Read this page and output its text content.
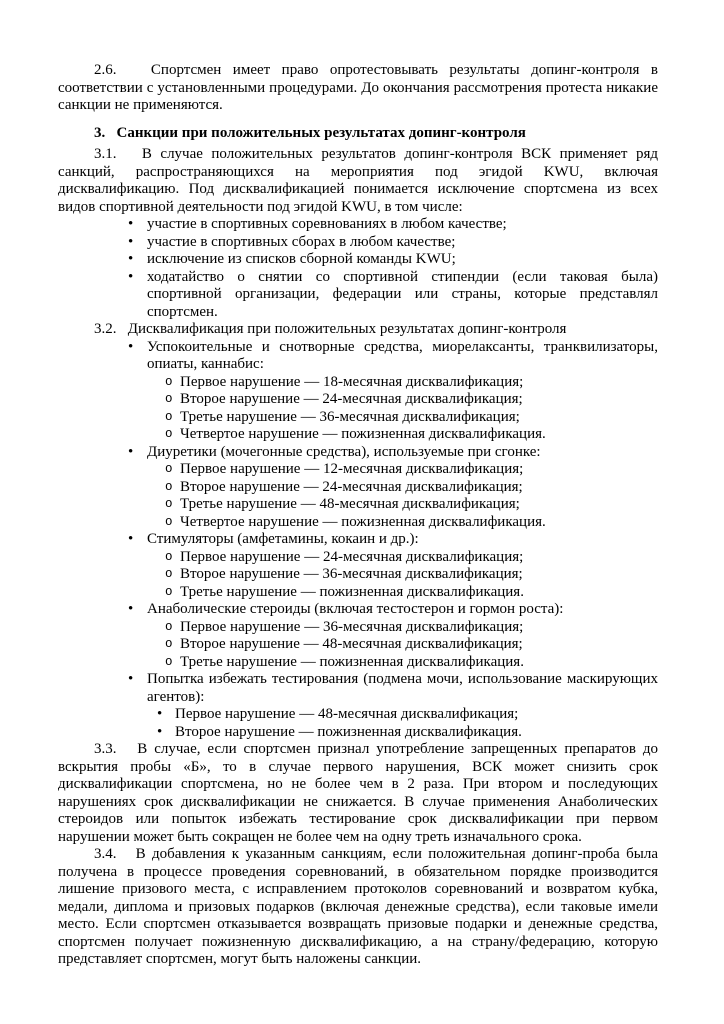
2.6.   Спортсмен имеет право опротестовывать результаты допинг-контроля в соответствии с установленными процедурами. До окончания рассмотрения протеста никакие санкции не применяются.

3.   Санкции при положительных результатах допинг-контроля

3.1.   В случае положительных результатов допинг-контроля ВСК применяет ряд санкций, распространяющихся на мероприятия под эгидой KWU, включая дисквалификацию. Под дисквалификацией понимается исключение спортсмена из всех видов спортивной деятельности под эгидой KWU, в том числе:

• участие в спортивных соревнованиях в любом качестве;
• участие в спортивных сборах в любом качестве;
• исключение из списков сборной команды KWU;
• ходатайство о снятии со спортивной стипендии (если таковая была) спортивной организации, федерации или страны, которые представлял спортсмен.

3.2.   Дисквалификация при положительных результатах допинг-контроля

• Успокоительные и снотворные средства, миорелаксанты, транквилизаторы, опиаты, каннабис:
o Первое нарушение — 18-месячная дисквалификация;
o Второе нарушение — 24-месячная дисквалификация;
o Третье нарушение — 36-месячная дисквалификация;
o Четвертое нарушение — пожизненная дисквалификация.
• Диуретики (мочегонные средства), используемые при сгонке:
o Первое нарушение — 12-месячная дисквалификация;
o Второе нарушение — 24-месячная дисквалификация;
o Третье нарушение — 48-месячная дисквалификация;
o Четвертое нарушение — пожизненная дисквалификация.
• Стимуляторы (амфетамины, кокаин и др.):
o Первое нарушение — 24-месячная дисквалификация;
o Второе нарушение — 36-месячная дисквалификация;
o Третье нарушение — пожизненная дисквалификация.
• Анаболические стероиды (включая тестостерон и гормон роста):
o Первое нарушение — 36-месячная дисквалификация;
o Второе нарушение — 48-месячная дисквалификация;
o Третье нарушение — пожизненная дисквалификация.
• Попытка избежать тестирования (подмена мочи, использование маскирующих агентов):
• Первое нарушение — 48-месячная дисквалификация;
• Второе нарушение — пожизненная дисквалификация.

3.3.   В случае, если спортсмен признал употребление запрещенных препаратов до вскрытия пробы «Б», то в случае первого нарушения, ВСК может снизить срок дисквалификации спортсмена, но не более чем в 2 раза. При втором и последующих нарушениях срок дисквалификации не снижается. В случае применения Анаболических стероидов или попыток избежать тестирование срок дисквалификации при первом нарушении может быть сокращен не более чем на одну треть изначального срока.

3.4.   В добавления к указанным санкциям, если положительная допинг-проба была получена в процессе проведения соревнований, в обязательном порядке производится лишение призового места, с исправлением протоколов соревнований и возвратом кубка, медали, диплома и призовых подарков (включая денежные средства), если таковые имели место. Если спортсмен отказывается возвращать призовые подарки и денежные средства, спортсмен получает пожизненную дисквалификацию, а на страну/федерацию, которую представляет спортсмен, могут быть наложены санкции.
